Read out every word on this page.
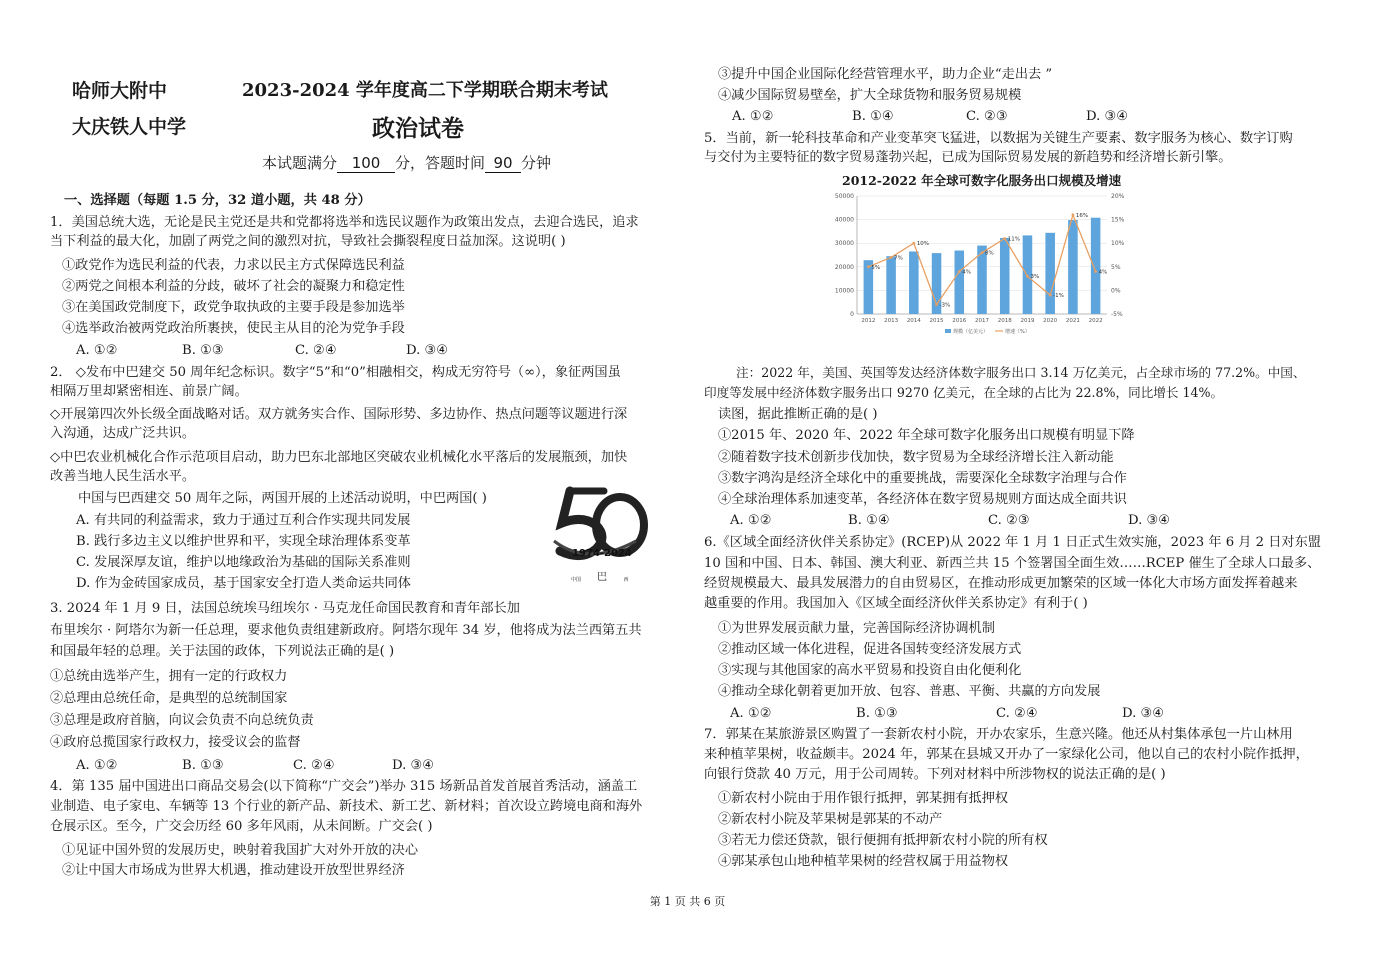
哈师大附中
大庆铁人中学
2023-2024 学年度高二下学期联合期末考试
政治试卷
本试题满分 100 分，答题时间 90 分钟
一、选择题（每题 1.5 分，32 道小题，共 48 分）
1．美国总统大选，无论是民主党还是共和党都将选举和选民议题作为政策出发点，去迎合选民，追求
当下利益的最大化，加剧了两党之间的激烈对抗，导致社会撕裂程度日益加深。这说明( )
①政党作为选民利益的代表，力求以民主方式保障选民利益
②两党之间根本利益的分歧，破坏了社会的凝聚力和稳定性
③在美国政党制度下，政党争取执政的主要手段是参加选举
④选举政治被两党政治所裹挟，使民主从目的沦为党争手段
A. ①②	B. ①③	C. ②④	D. ③④
2． ◇发布中巴建交 50 周年纪念标识。数字“5”和“0”相融相交，构成无穷符号（∞），象征两国虽
相隔万里却紧密相连、前景广阔。
◇开展第四次外长级全面战略对话。双方就务实合作、国际形势、多边协作、热点问题等议题进行深
入沟通，达成广泛共识。
◇中巴农业机械化合作示范项目启动，助力巴东北部地区突破农业机械化水平落后的发展瓶颈，加快
改善当地人民生活水平。
中国与巴西建交 50 周年之际，两国开展的上述活动说明，中巴两国( )
A. 有共同的利益需求，致力于通过互利合作实现共同发展
B. 践行多边主义以维护世界和平，实现全球治理体系变革
C. 发展深厚友谊，维护以地缘政治为基础的国际关系准则
D. 作为金砖国家成员，基于国家安全打造人类命运共同体
1974-2024
中国 巴	西
3. 2024 年 1 月 9 日，法国总统埃马纽埃尔 · 马克龙任命国民教育和青年部长加
布里埃尔 · 阿塔尔为新一任总理，要求他负责组建新政府。阿塔尔现年 34 岁，他将成为法兰西第五共
和国最年轻的总理。关于法国的政体，下列说法正确的是( )
①总统由选举产生，拥有一定的行政权力
②总理由总统任命，是典型的总统制国家
③总理是政府首脑，向议会负责不向总统负责
④政府总揽国家行政权力，接受议会的监督
A. ①②	B. ①③	C. ②④	D. ③④
4．第 135 届中国进出口商品交易会(以下简称“广交会”)举办 315 场新品首发首展首秀活动，涵盖工
业制造、电子家电、车辆等 13 个行业的新产品、新技术、新工艺、新材料；首次设立跨境电商和海外
仓展示区。至今，广交会历经 60 多年风雨，从未间断。广交会( )
①见证中国外贸的发展历史，映射着我国扩大对外开放的决心
②让中国大市场成为世界大机遇，推动建设开放型世界经济
③提升中国企业国际化经营管理水平，助力企业“走出去 ”
④减少国际贸易壁垒，扩大全球货物和服务贸易规模
A. ①②	B. ①④	C. ②③	D. ③④
5．当前，新一轮科技革命和产业变革突飞猛进，以数据为关键生产要素、数字服务为核心、数字订购
与交付为主要特征的数字贸易蓬勃兴起，已成为国际贸易发展的新趋势和经济增长新引擎。
2012-2022 年全球可数字化服务出口规模及增速
0
10000
20000
30000
40000
50000
-5%
0%
5%
10%
15%
20%
2012 2013 2014 2015 2016 2017 2018 2019 2020 2021 2022
5%
7%
10%
-3%
4%
8%
11%
3%
-1%
16%
4%
规模（亿美元）	增速（%）
注：2022 年，美国、英国等发达经济体数字服务出口 3.14 万亿美元，占全球市场的 77.2%。中国、
印度等发展中经济体数字服务出口 9270 亿美元，在全球的占比为 22.8%，同比增长 14%。
读图，据此推断正确的是( )
①2015 年、2020 年、2022 年全球可数字化服务出口规模有明显下降
②随着数字技术创新步伐加快，数字贸易为全球经济增长注入新动能
③数字鸿沟是经济全球化中的重要挑战，需要深化全球数字治理与合作
④全球治理体系加速变革，各经济体在数字贸易规则方面达成全面共识
A. ①②	B. ①④	C. ②③	D. ③④
6.《区域全面经济伙伴关系协定》(RCEP)从 2022 年 1 月 1 日正式生效实施，2023 年 6 月 2 日对东盟
10 国和中国、日本、韩国、澳大利亚、新西兰共 15 个签署国全面生效……RCEP 催生了全球人口最多、
经贸规模最大、最具发展潜力的自由贸易区，在推动形成更加繁荣的区域一体化大市场方面发挥着越来
越重要的作用。我国加入《区域全面经济伙伴关系协定》有利于( )
①为世界发展贡献力量，完善国际经济协调机制
②推动区域一体化进程，促进各国转变经济发展方式
③实现与其他国家的高水平贸易和投资自由化便利化
④推动全球化朝着更加开放、包容、普惠、平衡、共赢的方向发展
A. ①②	B. ①③	C. ②④	D. ③④
7．郭某在某旅游景区购置了一套新农村小院，开办农家乐，生意兴隆。他还从村集体承包一片山林用
来种植苹果树，收益颇丰。2024 年，郭某在县城又开办了一家绿化公司，他以自己的农村小院作抵押，
向银行贷款 40 万元，用于公司周转。下列对材料中所涉物权的说法正确的是( )
①新农村小院由于用作银行抵押，郭某拥有抵押权
②新农村小院及苹果树是郭某的不动产
③若无力偿还贷款，银行便拥有抵押新农村小院的所有权
④郭某承包山地种植苹果树的经营权属于用益物权
第 1 页 共 6 页
